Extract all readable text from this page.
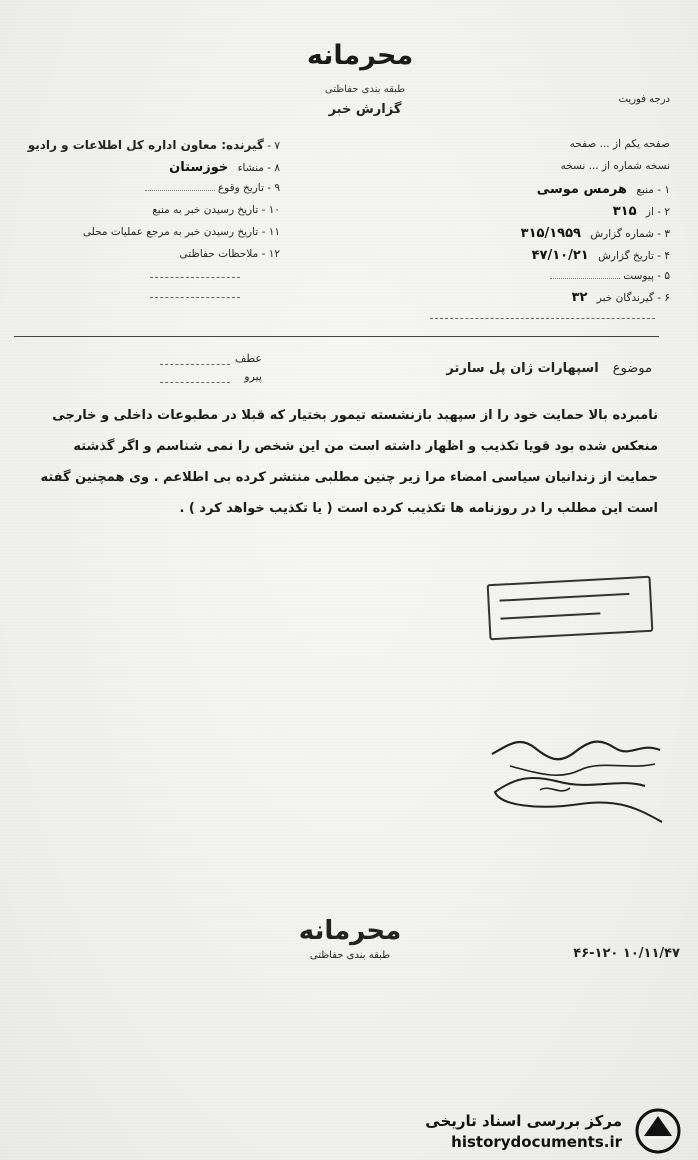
محرمانه
طبقه بندی حفاظتی
گزارش خبر
درجه فوریت
۷ - گیرنده: معاون اداره کل اطلاعات و رادیو
۸ - منشاء خوزستان
۹ - تاریخ وقوع
۱۰ - تاریخ رسیدن خبر به منبع
۱۱ - تاریخ رسیدن خبر به مرجع عملیات محلی
۱۲ - ملاحظات حفاظتی
صفحه یکم از ... صفحه
نسخه شماره از ... نسخه
۱ - منبع هرمس موسی
۲ - از ۳۱۵
۳ - شماره گزارش ۳۱۵/۱۹۵۹
۴ - تاریخ گزارش ۴۷/۱۰/۲۱
۵ - پیوست
۶ - گیرندگان خبر ۳۲
عطف
پیرو
موضوع اسپهارات ژان پل سارتر
نامبرده بالا حمایت خود را از سپهبد بازنشسته تیمور بختیار که قبلا در مطبوعات داخلی و خارجی
منعکس شده بود قویا تکذیب و اظهار داشته است من این شخص را نمی شناسم و اگر گذشته
حمایت از زندانیان سیاسی امضاء مرا زیر چنین مطلبی منتشر کرده بی اطلاعم . وی همچنین گفته
است این مطلب را در روزنامه ها تکذیب کرده است ( یا تکذیب خواهد کرد ) .
محرمانه
طبقه بندی حفاظتی	۴۶-۱۲۰ ۱۰/۱۱/۴۷
مرکز بررسی اسناد تاریخی
historydocuments.ir
